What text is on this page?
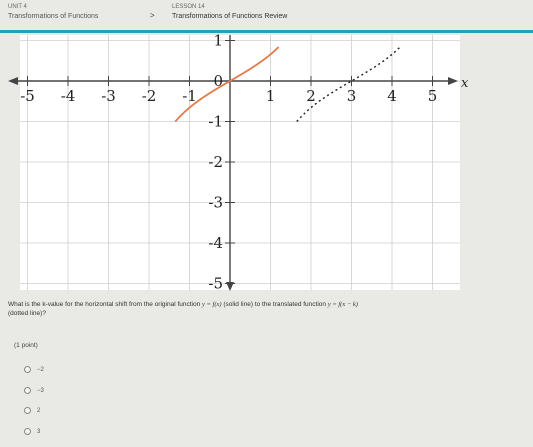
UNIT 4
Transformations of Functions	>
LESSON 14
Transformations of Functions Review
-5 -4 -3 -2 -1	1 2 3 4 5
1
0
-1
-2
-3
-4
-5
x
What is the k-value for the horizontal shift from the original function y = f(x) (solid line) to the translated function y = f(x − k)
(dotted line)?
(1 point)
−2
−3
2
3
